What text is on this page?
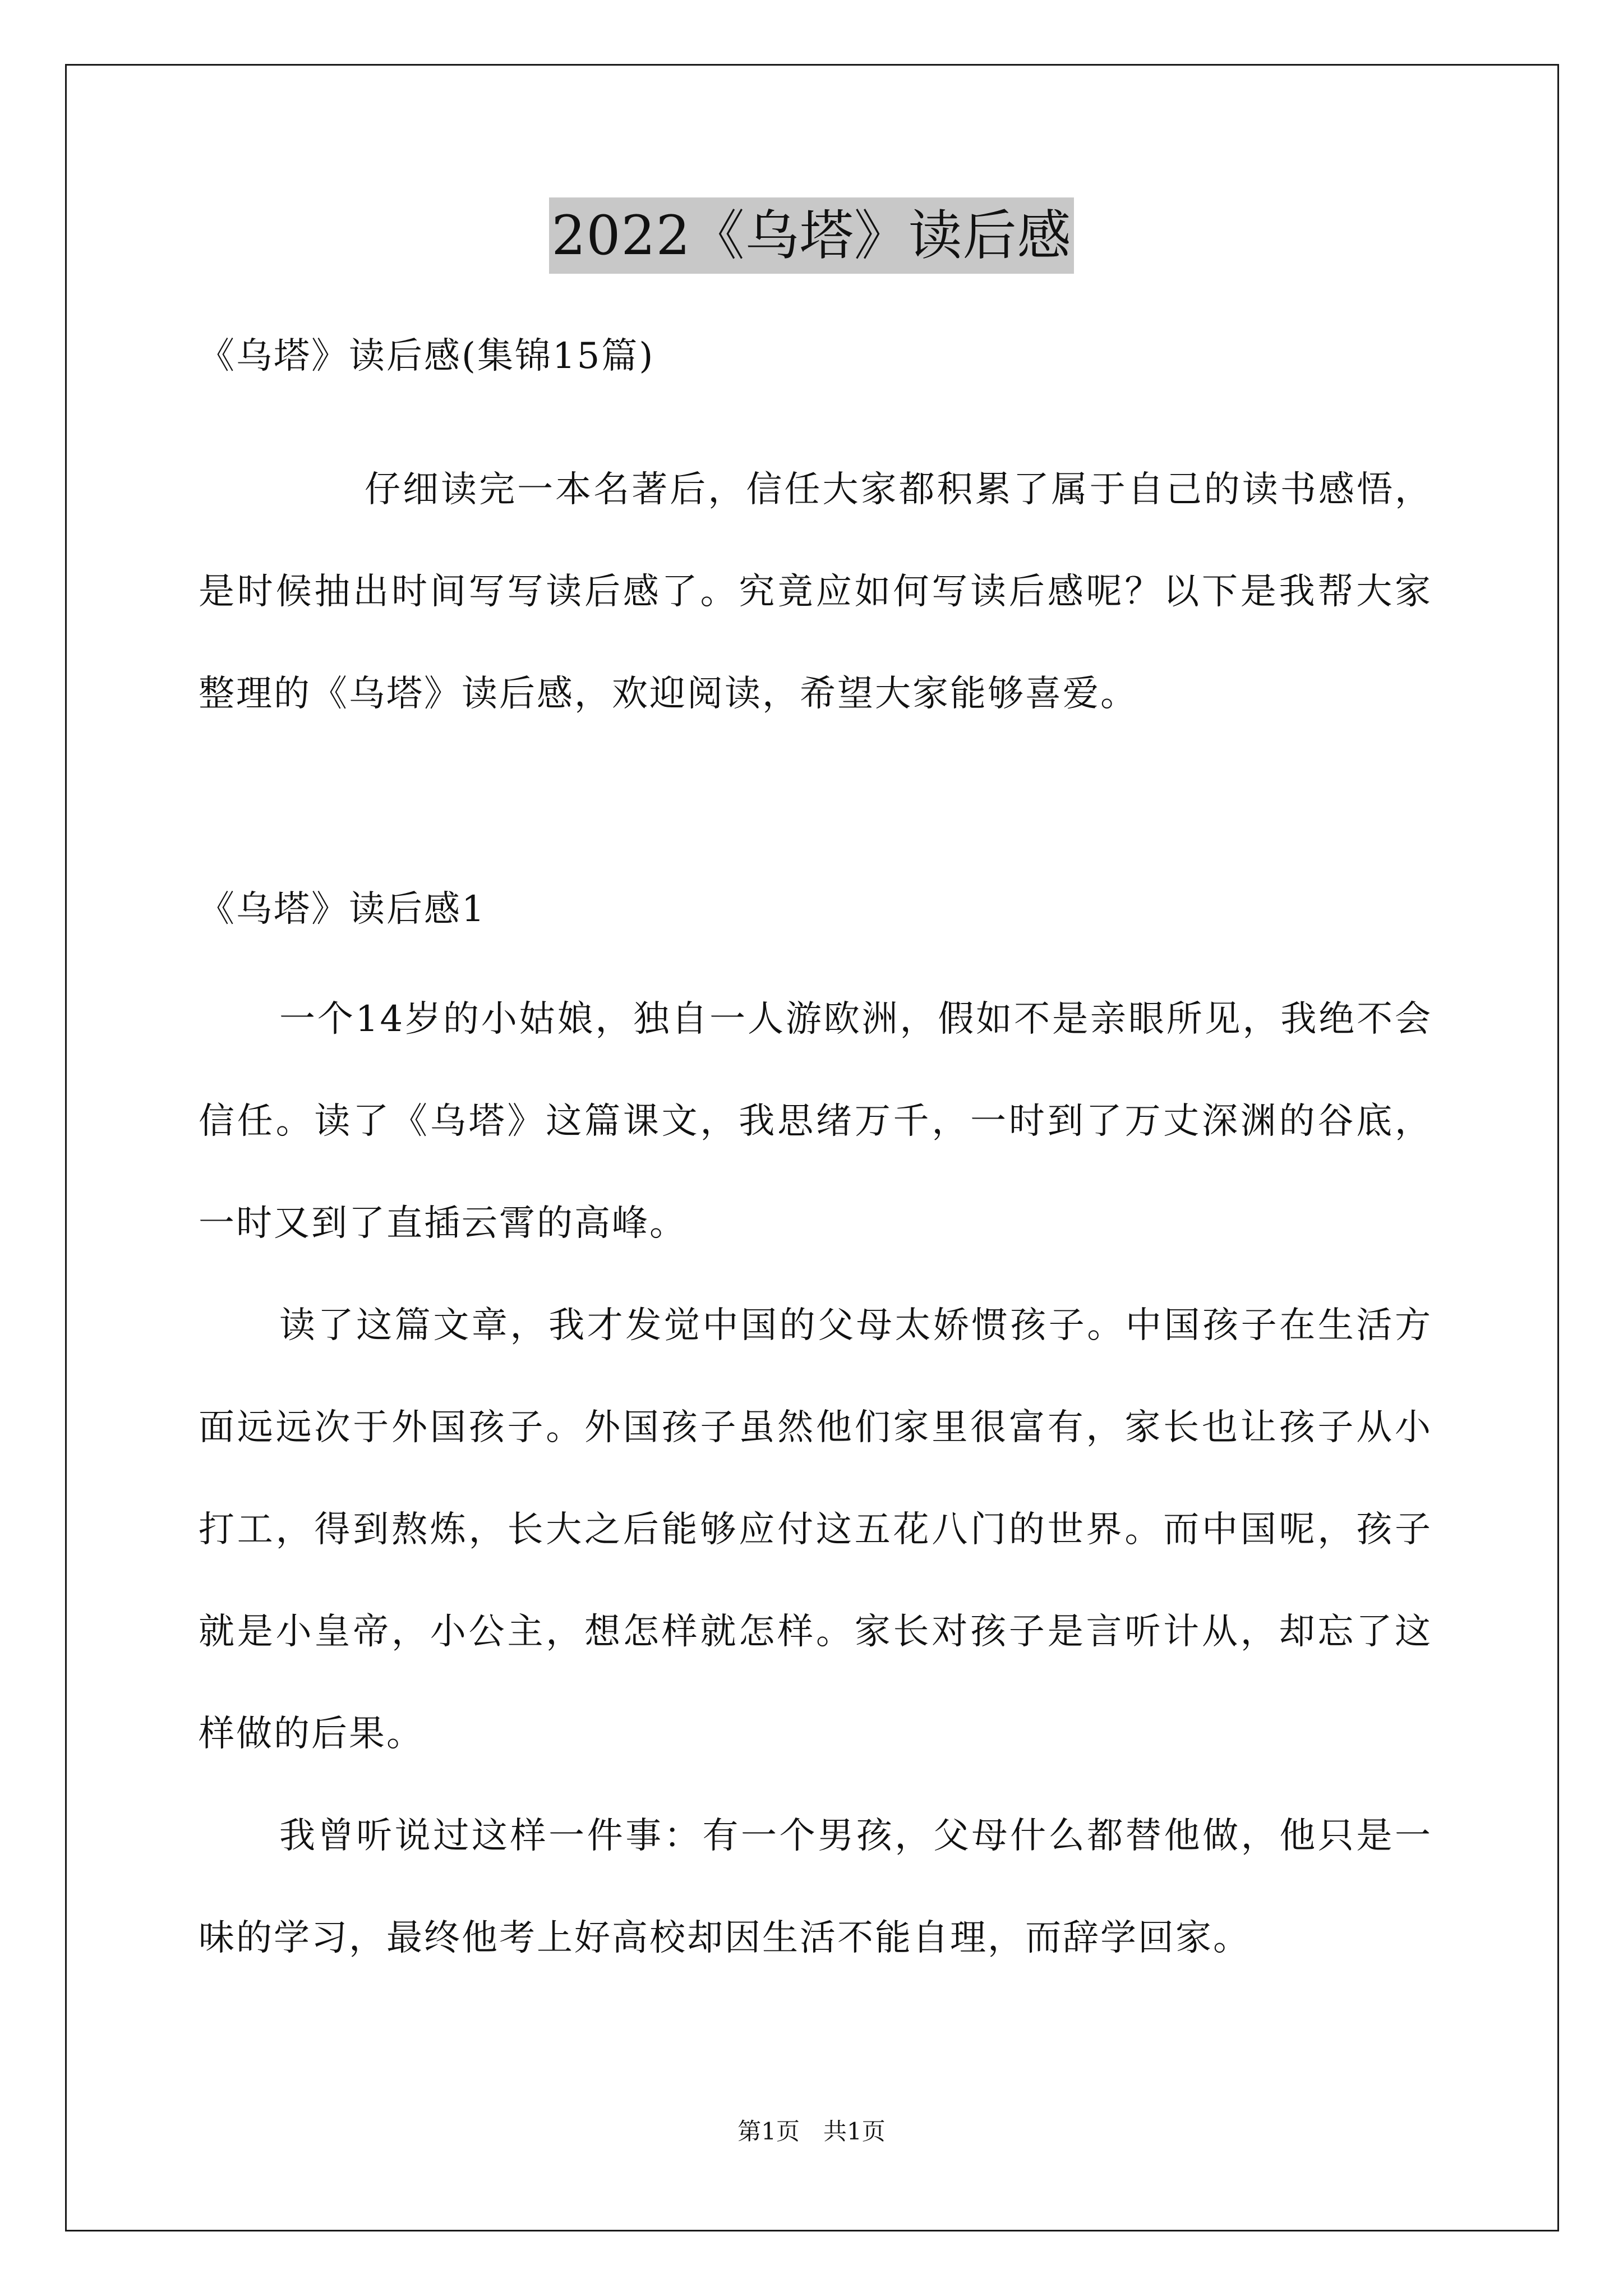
2022《乌塔》读后感
《乌塔》读后感(集锦15篇)
仔细读完一本名著后，信任大家都积累了属于自己的读书感悟，是时候抽出时间写写读后感了。究竟应如何写读后感呢？以下是我帮大家整理的《乌塔》读后感，欢迎阅读，希望大家能够喜爱。
《乌塔》读后感1
一个14岁的小姑娘，独自一人游欧洲，假如不是亲眼所见，我绝不会信任。读了《乌塔》这篇课文，我思绪万千，一时到了万丈深渊的谷底，一时又到了直插云霄的高峰。
读了这篇文章，我才发觉中国的父母太娇惯孩子。中国孩子在生活方面远远次于外国孩子。外国孩子虽然他们家里很富有，家长也让孩子从小打工，得到熬炼，长大之后能够应付这五花八门的世界。而中国呢，孩子就是小皇帝，小公主，想怎样就怎样。家长对孩子是言听计从，却忘了这样做的后果。
我曾听说过这样一件事：有一个男孩，父母什么都替他做，他只是一味的学习，最终他考上好高校却因生活不能自理，而辞学回家。
第1页　共1页
